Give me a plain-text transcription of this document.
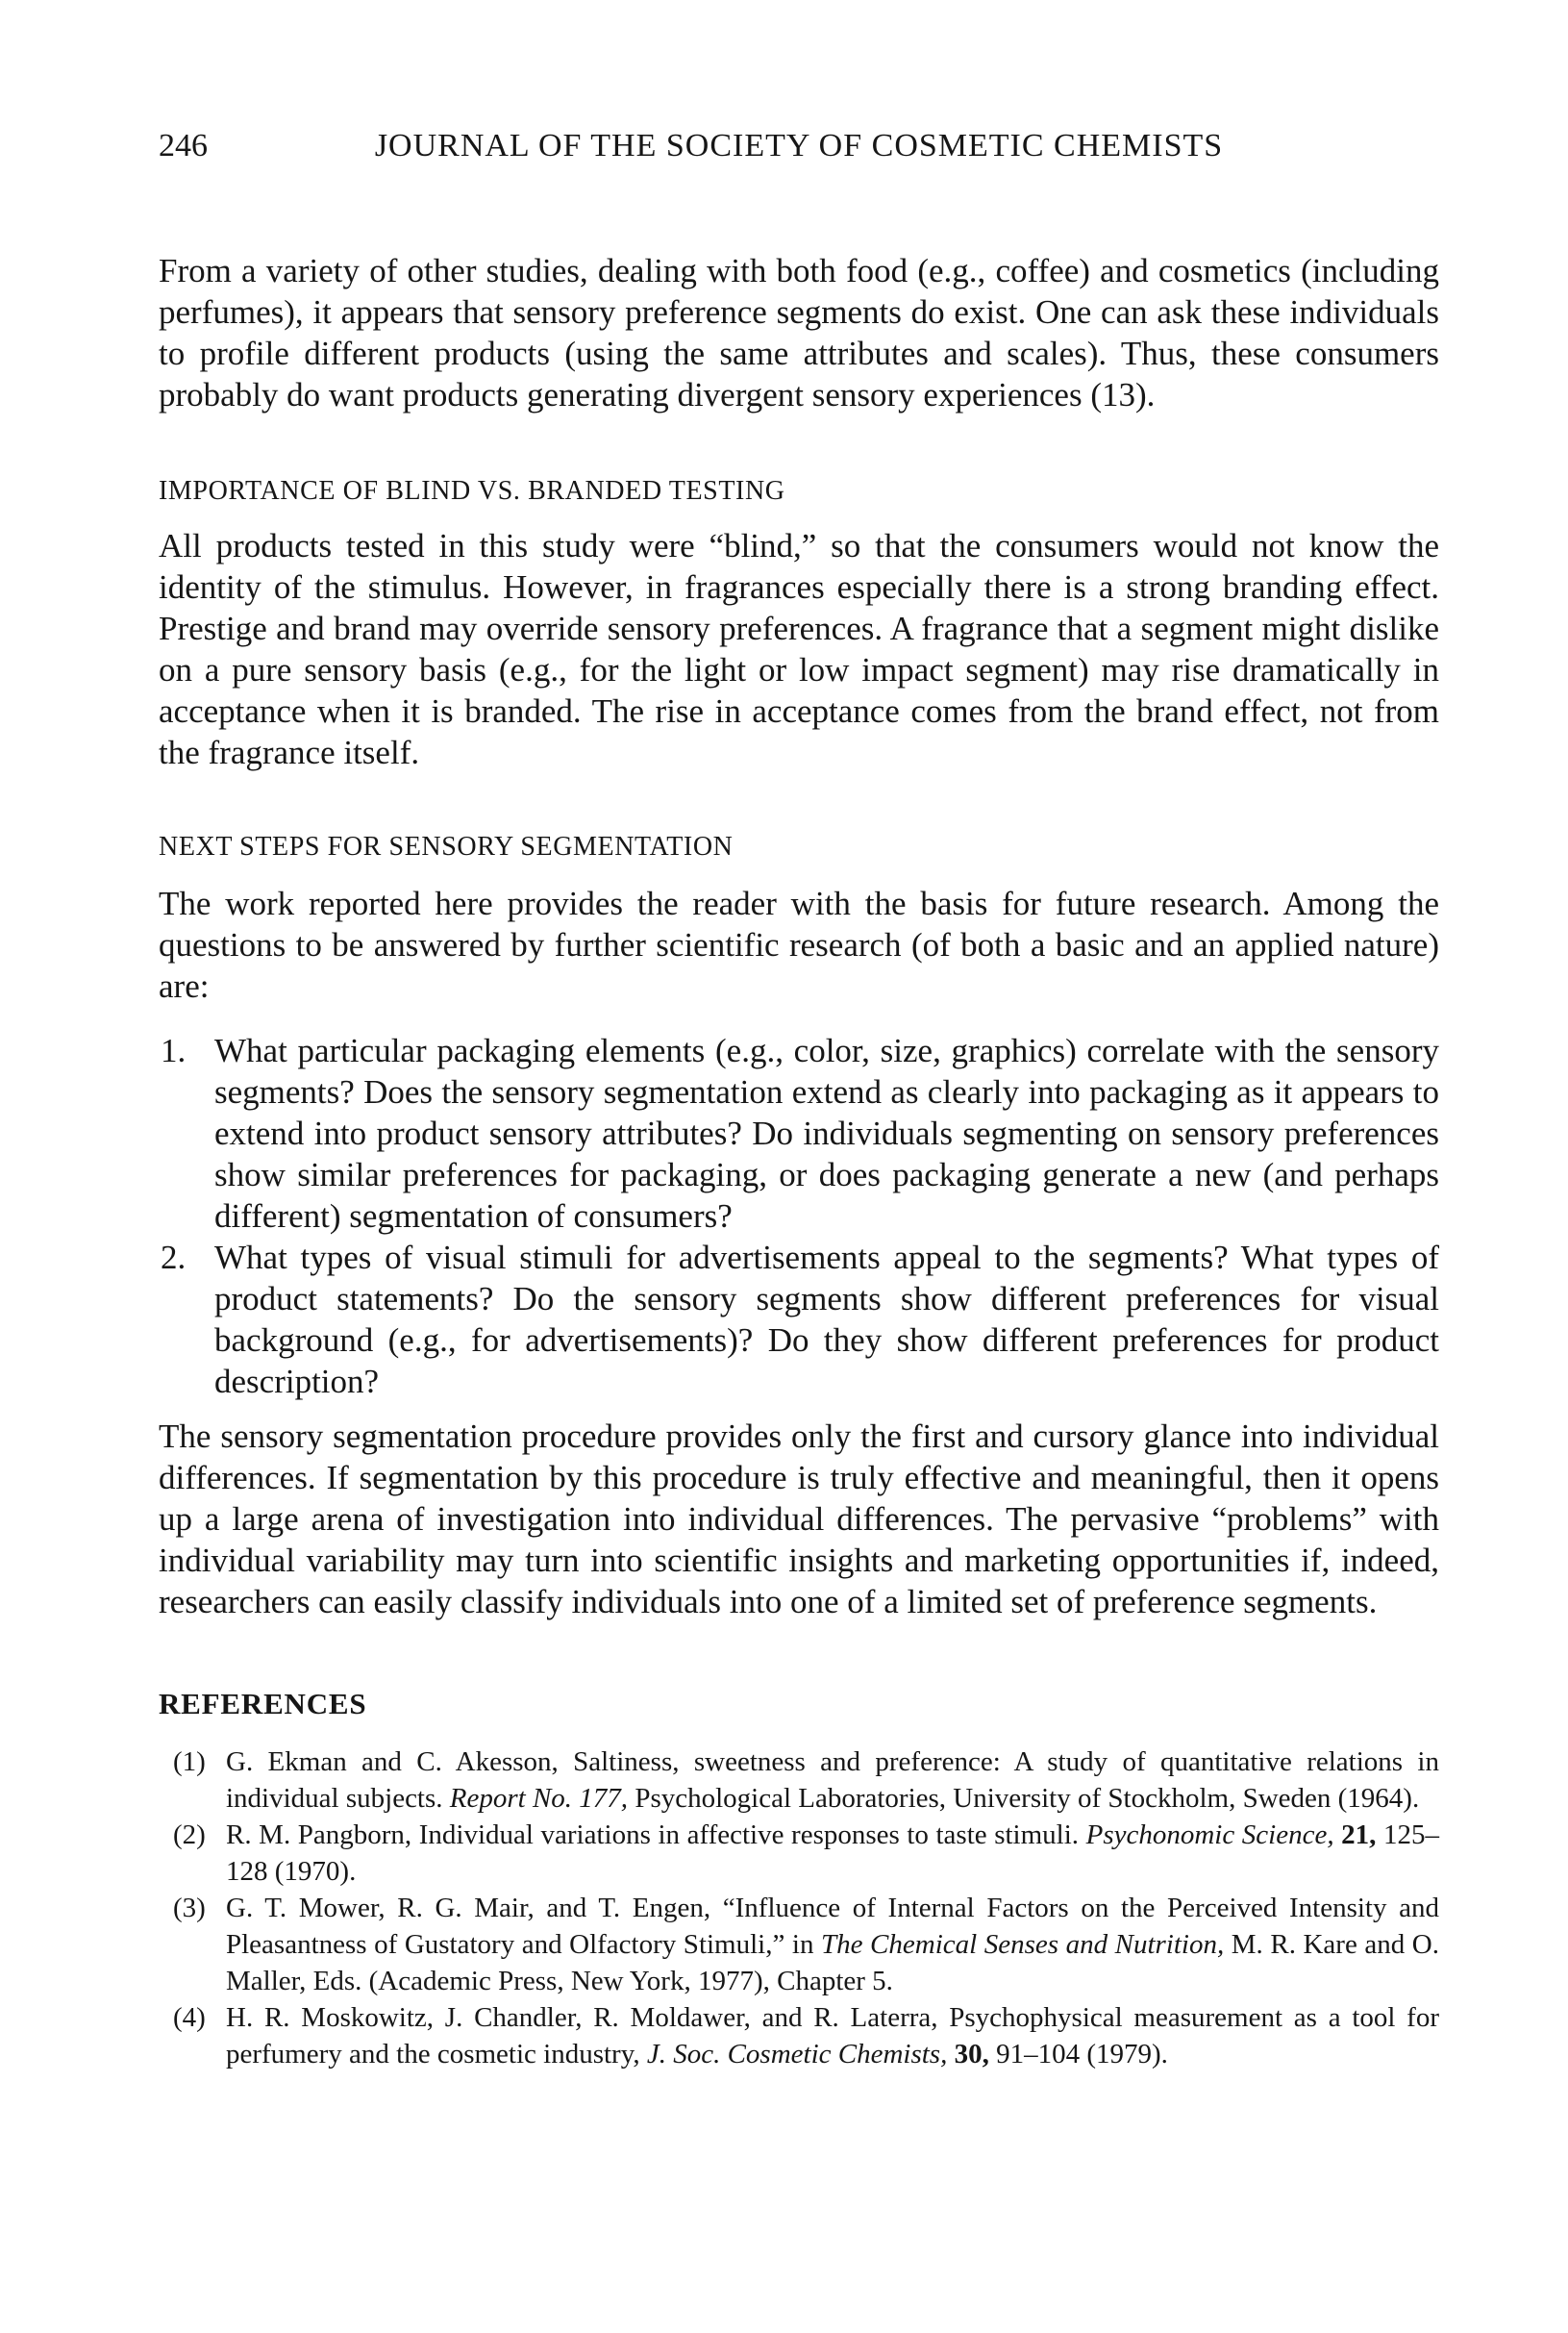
246	JOURNAL OF THE SOCIETY OF COSMETIC CHEMISTS

From a variety of other studies, dealing with both food (e.g., coffee) and cosmetics (including perfumes), it appears that sensory preference segments do exist. One can ask these individuals to profile different products (using the same attributes and scales). Thus, these consumers probably do want products generating divergent sensory experiences (13).

IMPORTANCE OF BLIND VS. BRANDED TESTING

All products tested in this study were “blind,” so that the consumers would not know the identity of the stimulus. However, in fragrances especially there is a strong branding effect. Prestige and brand may override sensory preferences. A fragrance that a segment might dislike on a pure sensory basis (e.g., for the light or low impact segment) may rise dramatically in acceptance when it is branded. The rise in acceptance comes from the brand effect, not from the fragrance itself.

NEXT STEPS FOR SENSORY SEGMENTATION

The work reported here provides the reader with the basis for future research. Among the questions to be answered by further scientific research (of both a basic and an applied nature) are:

1. What particular packaging elements (e.g., color, size, graphics) correlate with the sensory segments? Does the sensory segmentation extend as clearly into packaging as it appears to extend into product sensory attributes? Do individuals segmenting on sensory preferences show similar preferences for packaging, or does packaging generate a new (and perhaps different) segmentation of consumers?
2. What types of visual stimuli for advertisements appeal to the segments? What types of product statements? Do the sensory segments show different preferences for visual background (e.g., for advertisements)? Do they show different preferences for product description?

The sensory segmentation procedure provides only the first and cursory glance into individual differences. If segmentation by this procedure is truly effective and meaningful, then it opens up a large arena of investigation into individual differences. The pervasive “problems” with individual variability may turn into scientific insights and marketing opportunities if, indeed, researchers can easily classify individuals into one of a limited set of preference segments.

REFERENCES
(1) G. Ekman and C. Akesson, Saltiness, sweetness and preference: A study of quantitative relations in individual subjects. Report No. 177, Psychological Laboratories, University of Stockholm, Sweden (1964).
(2) R. M. Pangborn, Individual variations in affective responses to taste stimuli. Psychonomic Science, 21, 125–128 (1970).
(3) G. T. Mower, R. G. Mair, and T. Engen, “Influence of Internal Factors on the Perceived Intensity and Pleasantness of Gustatory and Olfactory Stimuli,” in The Chemical Senses and Nutrition, M. R. Kare and O. Maller, Eds. (Academic Press, New York, 1977), Chapter 5.
(4) H. R. Moskowitz, J. Chandler, R. Moldawer, and R. Laterra, Psychophysical measurement as a tool for perfumery and the cosmetic industry, J. Soc. Cosmetic Chemists, 30, 91–104 (1979).
